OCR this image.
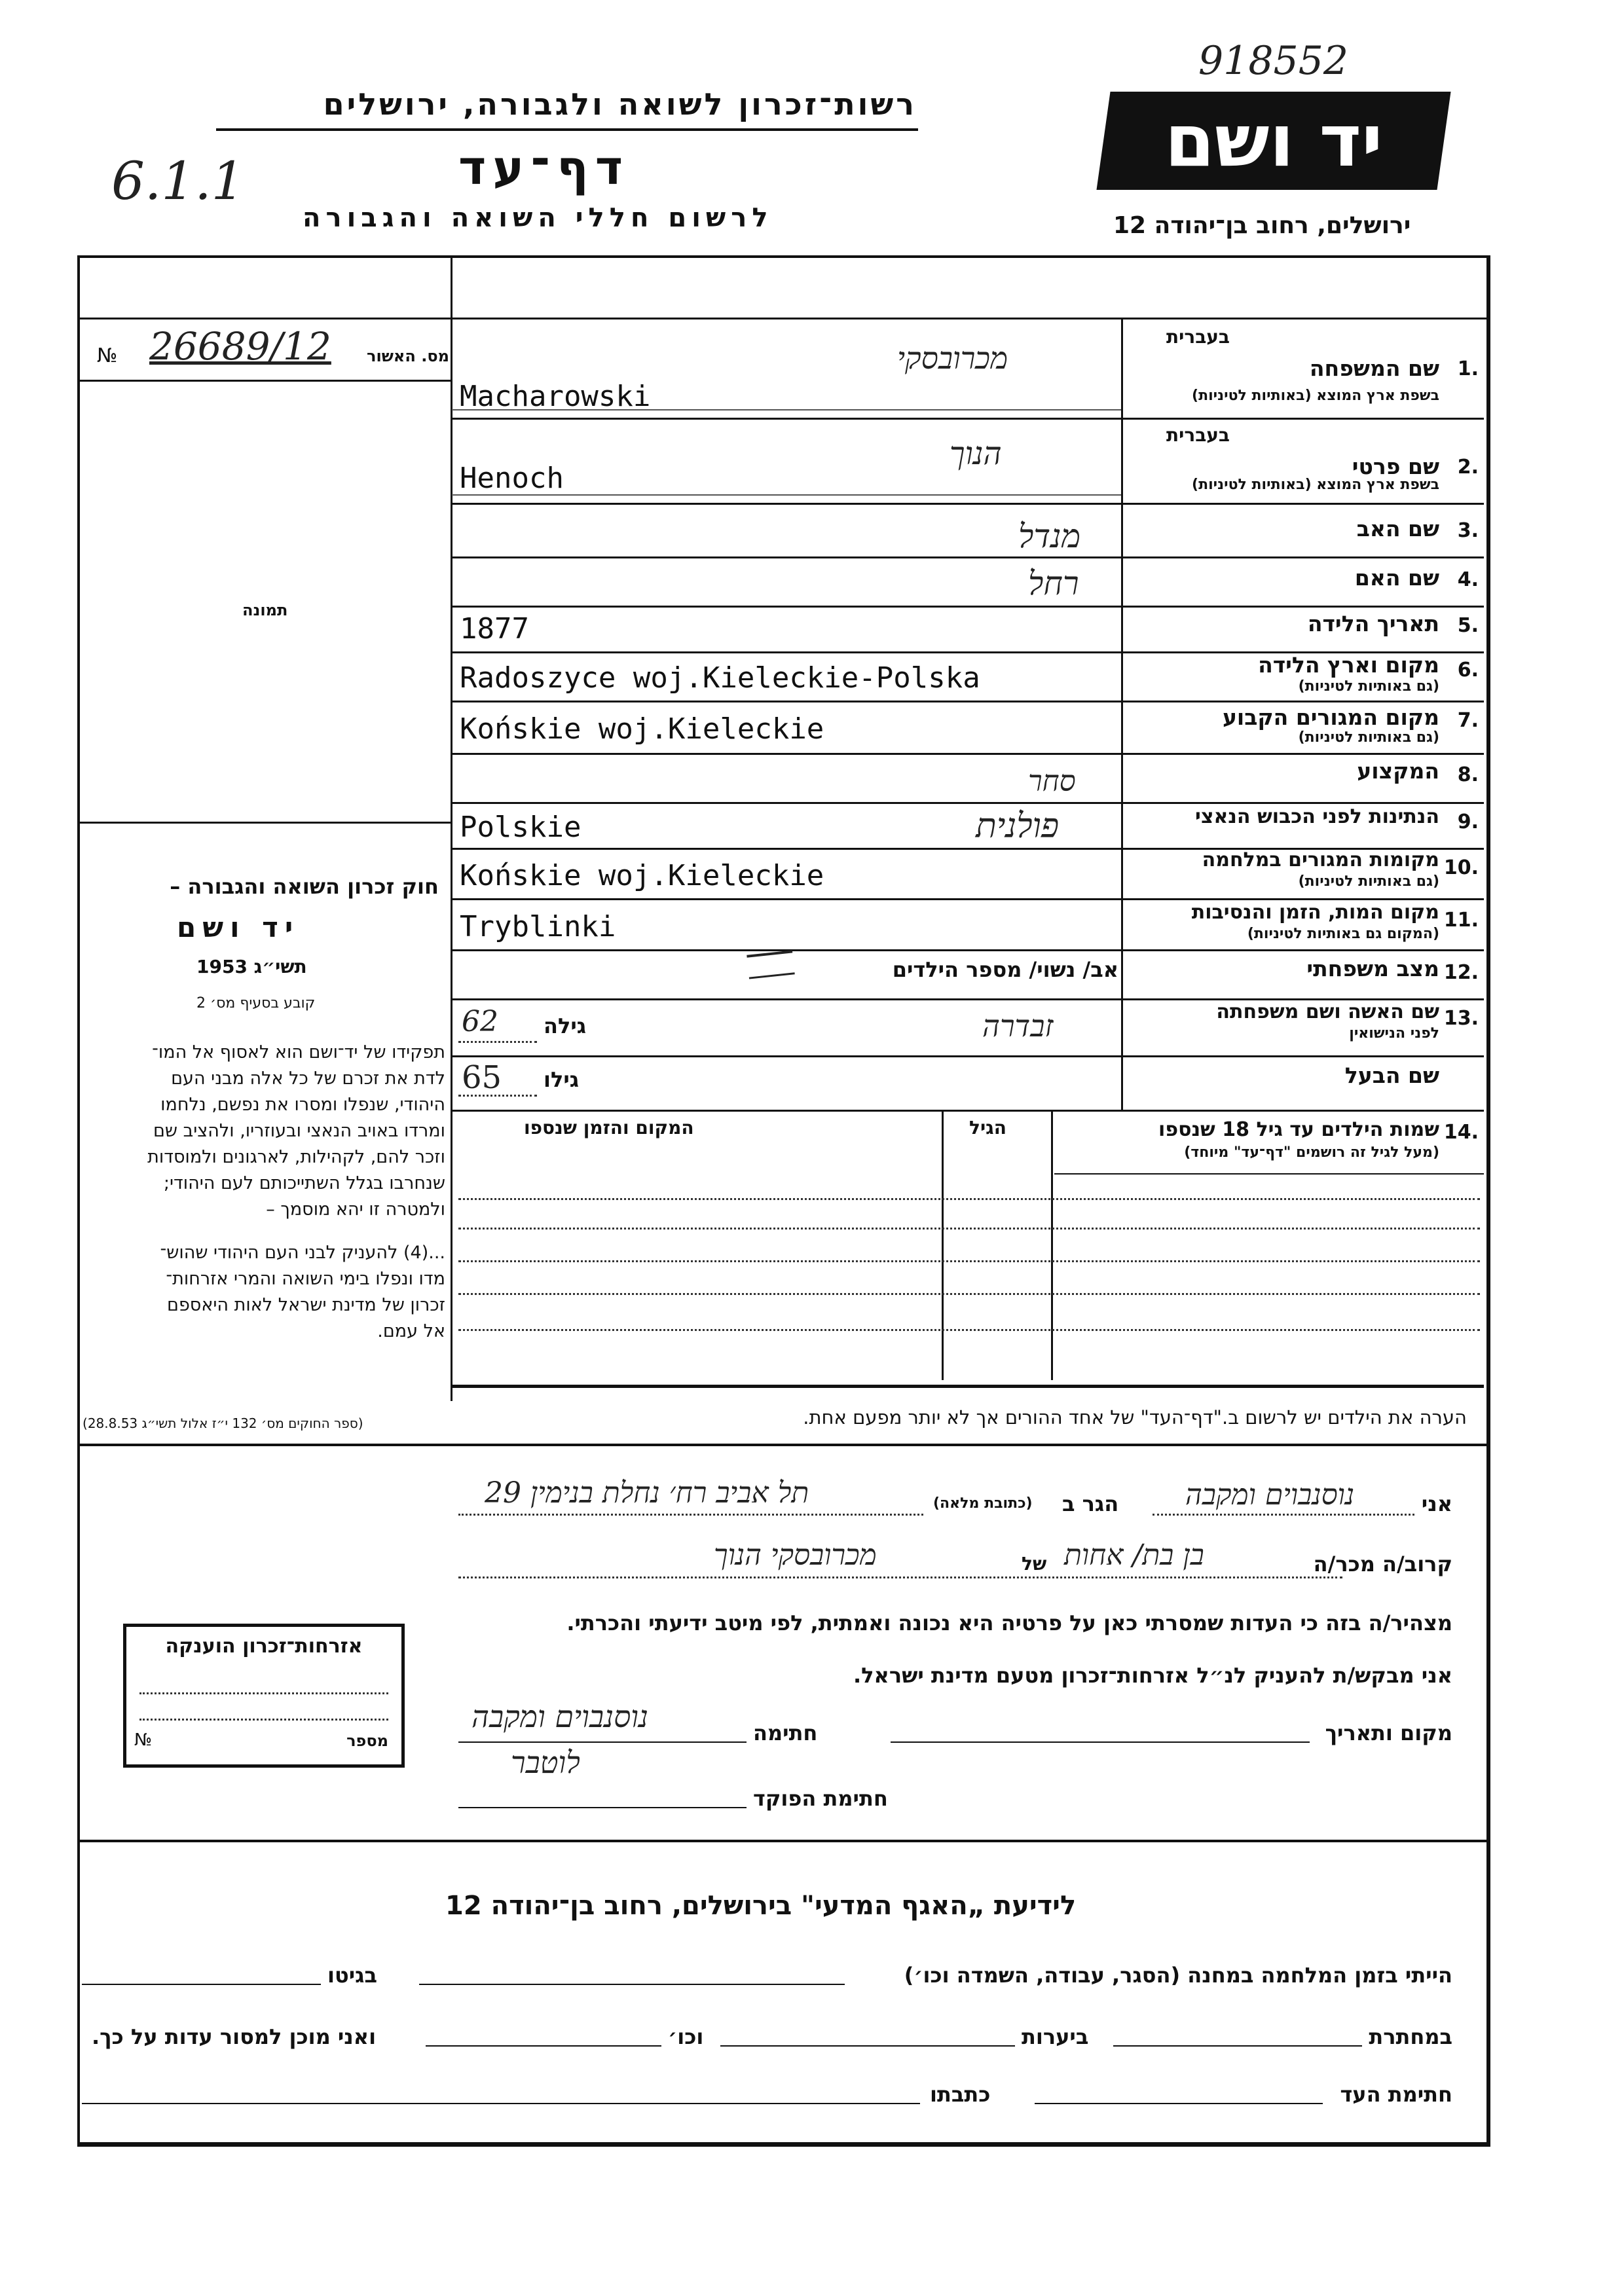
918552
יד ושם
רשות־זכרון לשואה ולגבורה, ירושלים
דף־עד
6.1.1
לרשום חללי השואה והגבורה	ירושלים, רחוב בן־יהודה 12
מס. האשור
№ 26689/12
תמונה
חוק זכרון השואה והגבורה –
יד ושם
תשי״ג 1953
קובע בסעיף מס׳ 2
תפקידו של יד־ושם הוא לאסוף אל המו־
לדת את זכרם של כל אלה מבני העם
היהודי, שנפלו ומסרו את נפשם, נלחמו
ומרדו באויב הנאצי ובעוזריו, ולהציב שם
וזכר להם, לקהילות, לארגונים ולמוסדות
שנחרבו בגלל השתייכותם לעם היהודי;
ולמטרה זו יהא מוסמך –
...(4) להעניק לבני העם היהודי שהוש־
מדו ונפלו בימי השואה והמרי אזרחות־
זכרון של מדינת ישראל לאות היאספם
אל עמם.
(ספר החוקים מס׳ 132 י״ז אלול תשי״ג 28.8.53)
בעברית
1.
שם המשפחה
בשפת ארץ המוצא (באותיות לטיניות)
בעברית
2.
שם פרטי
בשפת ארץ המוצא (באותיות לטיניות)
3.
שם האב
4.
שם האם
5.
תאריך הלידה
6.
מקום וארץ הלידה
(גם באותיות לטיניות)
7.
מקום המגורים הקבוע
(גם באותיות לטיניות)
8.
המקצוע
9.
הנתינות לפני הכבוש הנאצי
10.
מקומות המגורים במלחמה
(גם באותיות לטיניות)
11.
מקום המות, הזמן והנסיבות
(המקום גם באותיות לטיניות)
12.
מצב משפחתי
13.
שם האשה ושם משפחתה
לפני הנישואין
שם הבעל
מכרובסקי
Macharowski
הנוך
Henoch
מנדל
רחל
1877
Radoszyce woj.Kieleckie-Polska
Końskie woj.Kieleckie
סחר
Polskie	פולנית
Końskie woj.Kieleckie
Tryblinki
אב/ נשוי/ מספר הילדים
זבדרה
גילה
62
גילו
65
14.
שמות הילדים עד גיל 18 שנספו
(מעל לגיל זה רושמים "דף־עד" מיוחד)
הגיל
המקום והזמן שנספו
הערה את הילדים יש לרשום ב."דף־העד" של אחד ההורים אך לא יותר מפעם אחת.
אני
נוסנבוים ומקבה
הגר ב
(כתובת מלאה)
תל אביב רח׳ נחלת בנימין 29
קרוב/ה מכר/ה
בן בת/ אחות
של
מכרובסקי הנוך
מצהיר/ה בזה כי העדות שמסרתי כאן על פרטיה היא נכונה ואמתית, לפי מיטב ידיעתי והכרתי.
אני מבקש/ת להעניק לנ״ל אזרחות־זכרון מטעם מדינת ישראל.
מקום ותאריך
חתימה
נוסנבוים ומקבה
לוטבר
חתימת הפוקד
אזרחות־זכרון הוענקה
מספר
№
לידיעת „האגף המדעי" בירושלים, רחוב בן־יהודה 12
הייתי בזמן המלחמה במחנה (הסגר, עבודה, השמדה וכו׳)
בגיטו
במחתרת
ביערות
וכו׳
ואני מוכן למסור עדות על כך.
חתימת העד
כתבתו
